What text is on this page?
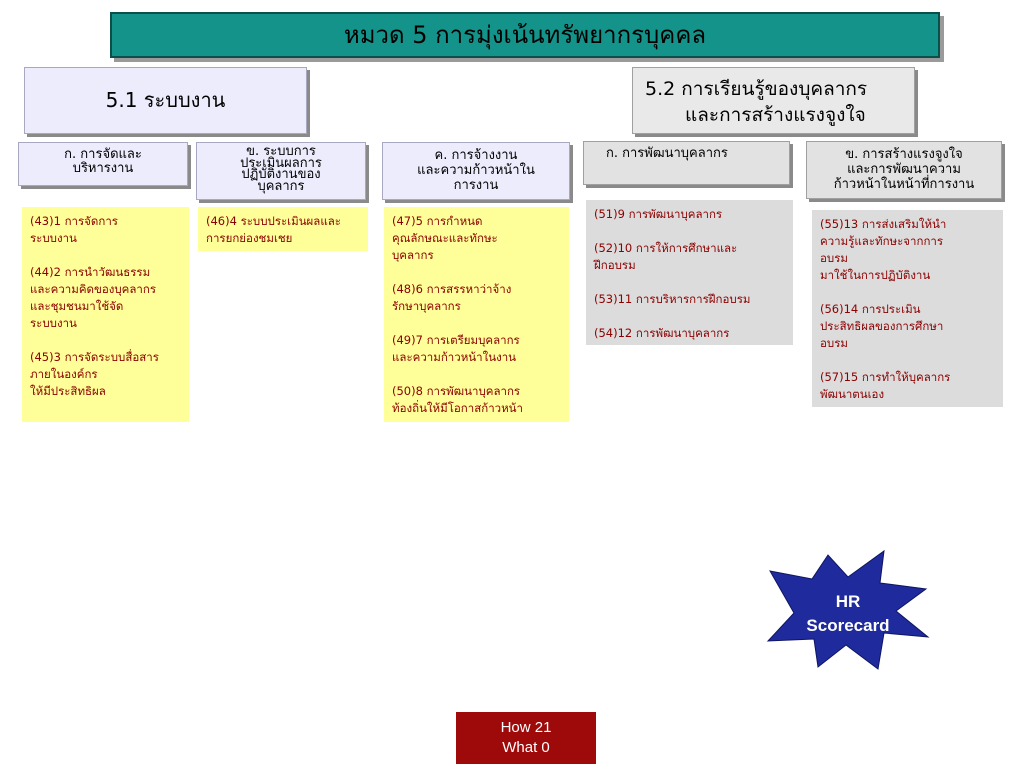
หมวด 5 การมุ่งเน้นทรัพยากรบุคคล
5.1 ระบบงาน	5.2 การเรียนรู้ของบุคลากร
และการสร้างแรงจูงใจ
ก. การจัดและ
บริหารงาน
ข. ระบบการ
ประเมินผลการ
ปฏิบัติงานของ
บุคลากร
ค. การจ้างงาน
และความก้าวหน้าใน
การงาน
ก. การพัฒนาบุคลากร	ข. การสร้างแรงจูงใจ
และการพัฒนาความ
ก้าวหน้าในหน้าที่การงาน
(43)1 การจัดการ
ระบบงาน
(44)2 การนำวัฒนธรรม
และความคิดของบุคลากร
และชุมชนมาใช้จัด
ระบบงาน
(45)3 การจัดระบบสื่อสาร
ภายในองค์กร
ให้มีประสิทธิผล
(46)4 ระบบประเมินผลและ
การยกย่องชมเชย
(47)5 การกำหนด
คุณลักษณะและทักษะ
บุคลากร
(48)6 การสรรหาว่าจ้าง
รักษาบุคลากร
(49)7 การเตรียมบุคลากร
และความก้าวหน้าในงาน
(50)8 การพัฒนาบุคลากร
ท้องถิ่นให้มีโอกาสก้าวหน้า
(51)9 การพัฒนาบุคลากร
(52)10 การให้การศึกษาและ
ฝึกอบรม
(53)11 การบริหารการฝึกอบรม
(54)12 การพัฒนาบุคลากร
(55)13 การส่งเสริมให้นำ
ความรู้และทักษะจากการ
อบรม
มาใช้ในการปฏิบัติงาน
(56)14 การประเมิน
ประสิทธิผลของการศึกษา
อบรม
(57)15 การทำให้บุคลากร
พัฒนาตนเอง
HR
Scorecard
How 21
What 0
